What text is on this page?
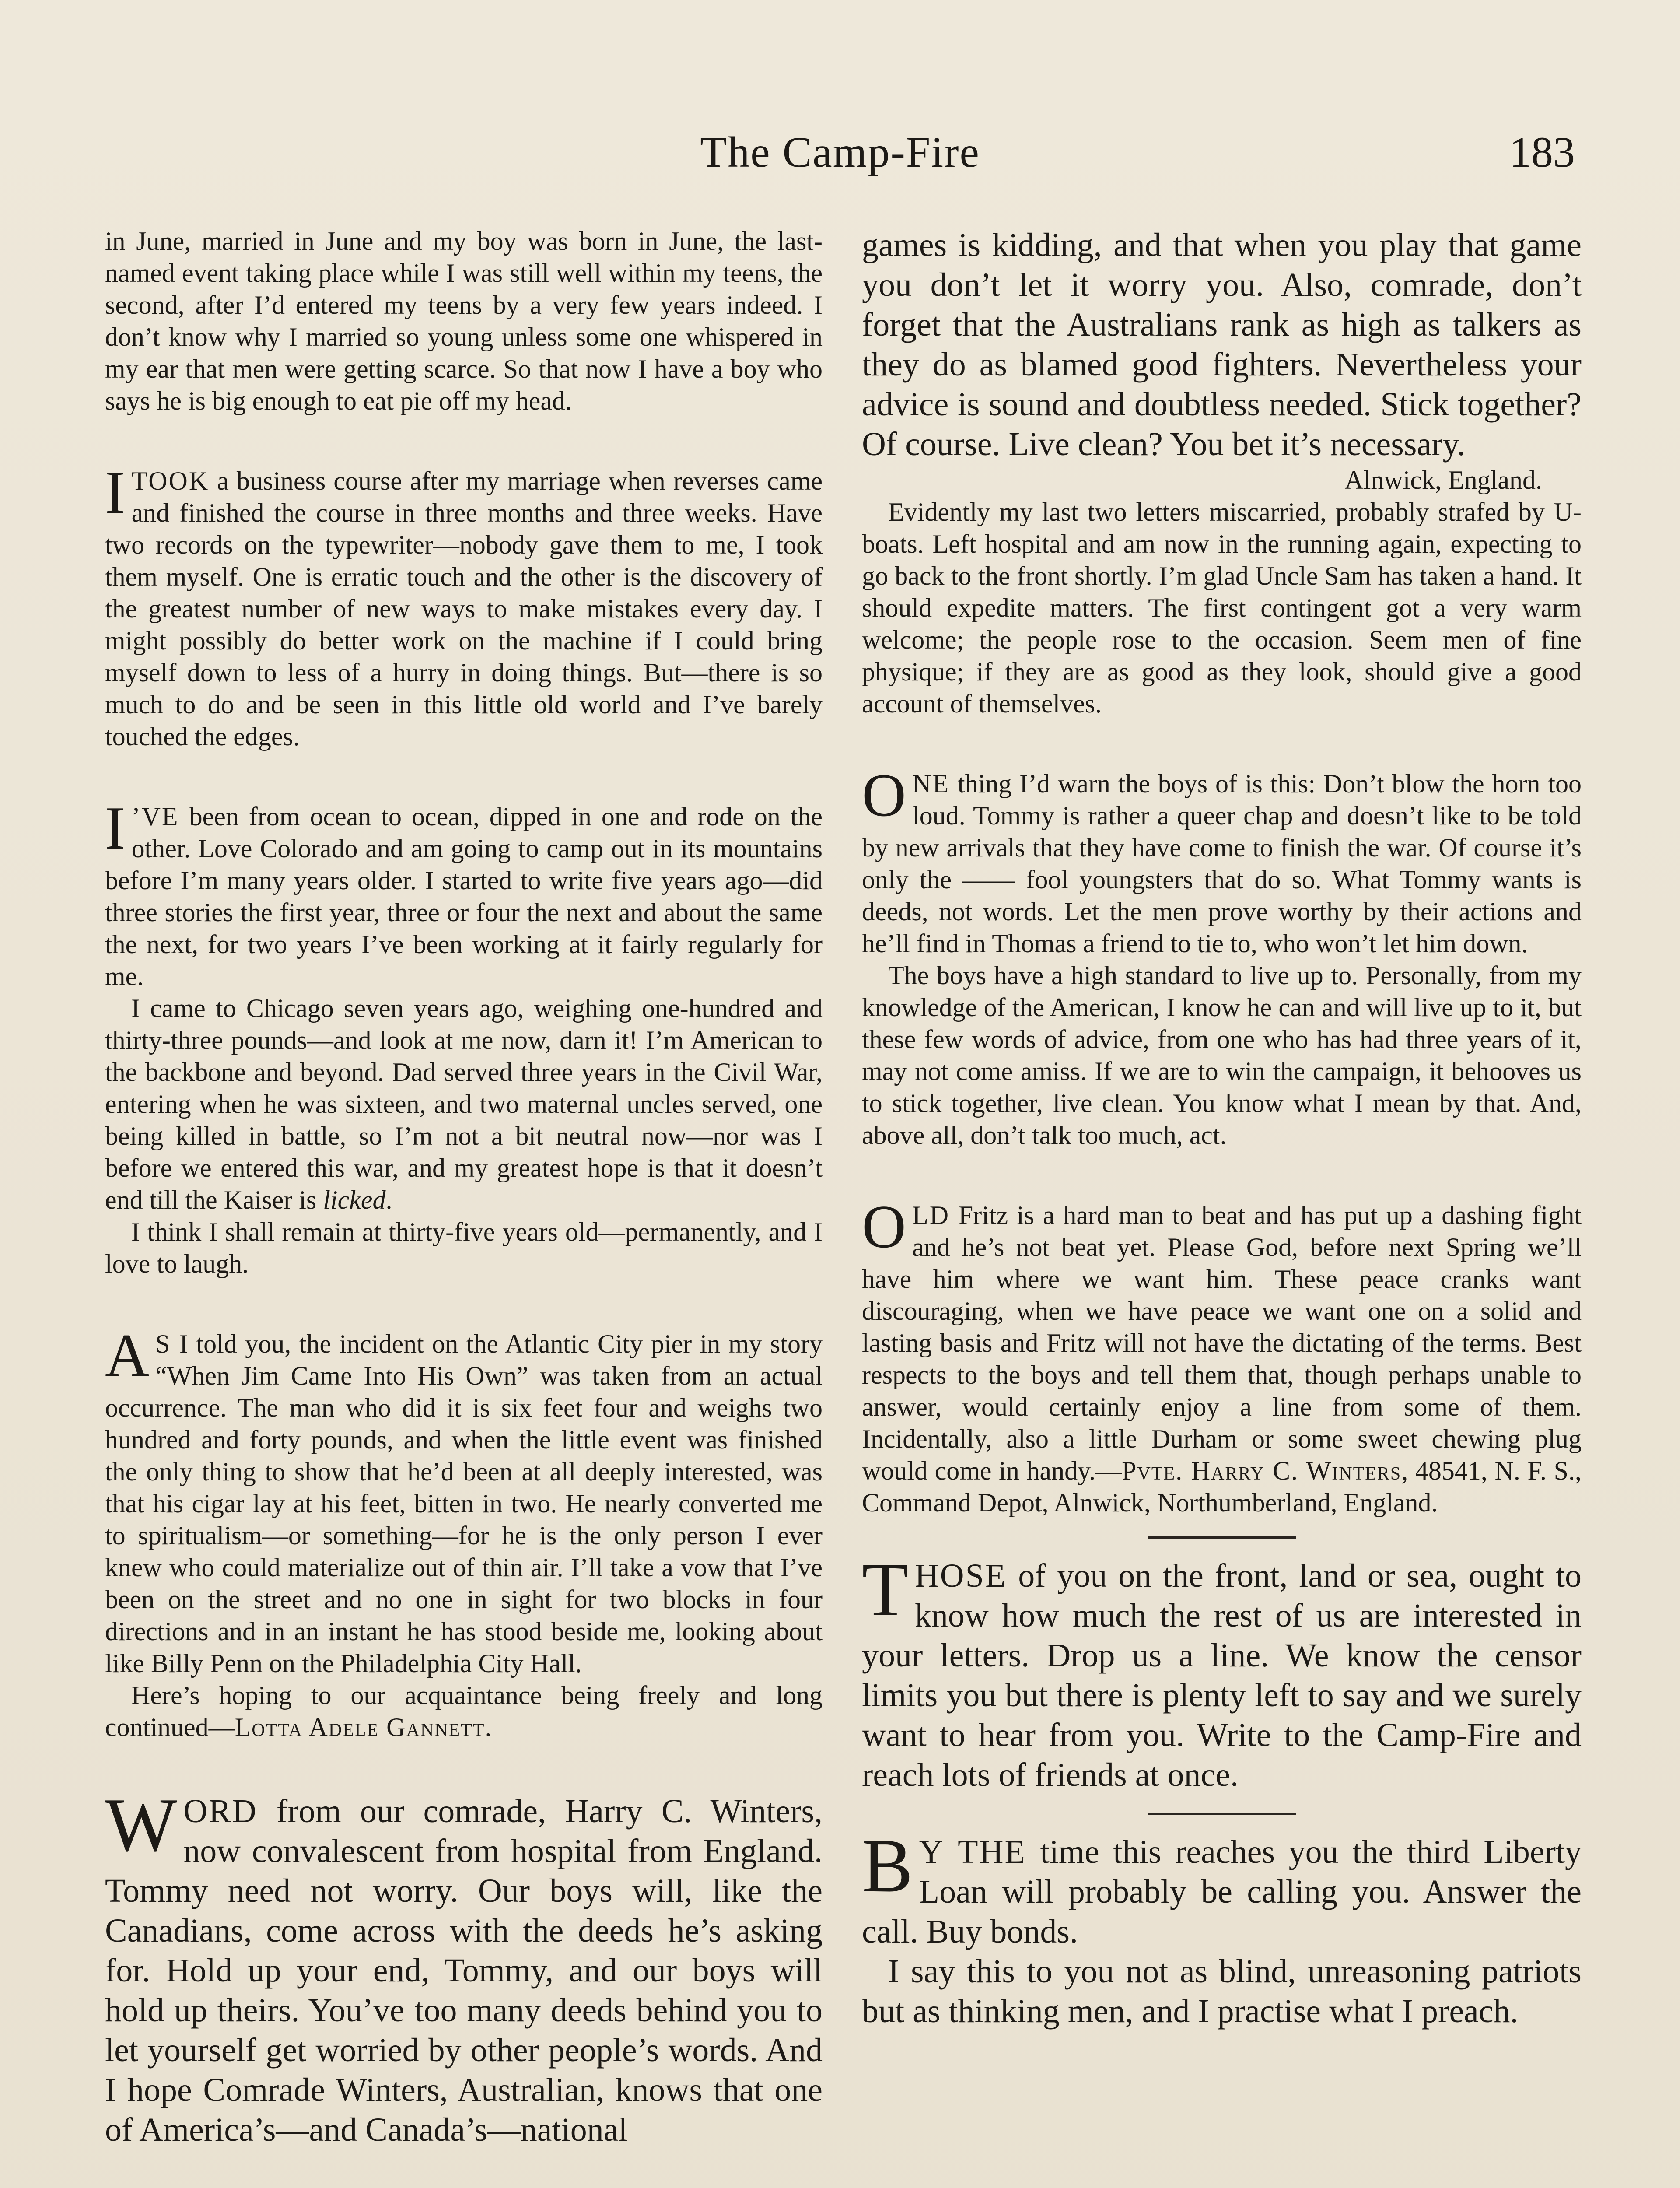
The Camp-Fire	183

in June, married in June and my boy was born in June, the last-named event taking place while I was still well within my teens, the second, after I’d entered my teens by a very few years indeed. I don’t know why I married so young unless some one whispered in my ear that men were getting scarce. So that now I have a boy who says he is big enough to eat pie off my head.

ITOOK a business course after my marriage when reverses came and finished the course in three months and three weeks. Have two records on the typewriter—nobody gave them to me, I took them myself. One is erratic touch and the other is the discovery of the greatest number of new ways to make mistakes every day. I might possibly do better work on the machine if I could bring myself down to less of a hurry in doing things. But—there is so much to do and be seen in this little old world and I’ve barely touched the edges.

I ’VE been from ocean to ocean, dipped in one and rode on the other. Love Colorado and am going to camp out in its mountains before I’m many years older. I started to write five years ago—did three stories the first year, three or four the next and about the same the next, for two years I’ve been working at it fairly regularly for me.

I came to Chicago seven years ago, weighing one-hundred and thirty-three pounds—and look at me now, darn it! I’m American to the backbone and beyond. Dad served three years in the Civil War, entering when he was sixteen, and two maternal uncles served, one being killed in battle, so I’m not a bit neutral now—nor was I before we entered this war, and my greatest hope is that it doesn’t end till the Kaiser is licked.

I think I shall remain at thirty-five years old—permanently, and I love to laugh.

AS I told you, the incident on the Atlantic City pier in my story “When Jim Came Into His Own” was taken from an actual occurrence. The man who did it is six feet four and weighs two hundred and forty pounds, and when the little event was finished the only thing to show that he’d been at all deeply interested, was that his cigar lay at his feet, bitten in two. He nearly converted me to spiritualism—or something—for he is the only person I ever knew who could materialize out of thin air. I’ll take a vow that I’ve been on the street and no one in sight for two blocks in four directions and in an instant he has stood beside me, looking about like Billy Penn on the Philadelphia City Hall.

Here’s hoping to our acquaintance being freely and long continued—Lotta Adele Gannett.

WORD from our comrade, Harry C. Winters, now convalescent from hospital from England. Tommy need not worry. Our boys will, like the Canadians, come across with the deeds he’s asking for. Hold up your end, Tommy, and our boys will hold up theirs. You’ve too many deeds behind you to let yourself get worried by other people’s words. And I hope Comrade Winters, Australian, knows that one of America’s—and Canada’s—national

games is kidding, and that when you play that game you don’t let it worry you. Also, comrade, don’t forget that the Australians rank as high as talkers as they do as blamed good fighters. Nevertheless your advice is sound and doubtless needed. Stick together? Of course. Live clean? You bet it’s necessary.

Alnwick, England.

Evidently my last two letters miscarried, probably strafed by U-boats. Left hospital and am now in the running again, expecting to go back to the front shortly. I’m glad Uncle Sam has taken a hand. It should expedite matters. The first contingent got a very warm welcome; the people rose to the occasion. Seem men of fine physique; if they are as good as they look, should give a good account of themselves.

ONE thing I’d warn the boys of is this: Don’t blow the horn too loud. Tommy is rather a queer chap and doesn’t like to be told by new arrivals that they have come to finish the war. Of course it’s only the —— fool youngsters that do so. What Tommy wants is deeds, not words. Let the men prove worthy by their actions and he’ll find in Thomas a friend to tie to, who won’t let him down.

The boys have a high standard to live up to. Personally, from my knowledge of the American, I know he can and will live up to it, but these few words of advice, from one who has had three years of it, may not come amiss. If we are to win the campaign, it behooves us to stick together, live clean. You know what I mean by that. And, above all, don’t talk too much, act.

OLD Fritz is a hard man to beat and has put up a dashing fight and he’s not beat yet. Please God, before next Spring we’ll have him where we want him. These peace cranks want discouraging, when we have peace we want one on a solid and lasting basis and Fritz will not have the dictating of the terms. Best respects to the boys and tell them that, though perhaps unable to answer, would certainly enjoy a line from some of them. Incidentally, also a little Durham or some sweet chewing plug would come in handy.—Pvte. Harry C. Winters, 48541, N. F. S., Command Depot, Alnwick, Northumberland, England.

THOSE of you on the front, land or sea, ought to know how much the rest of us are interested in your letters. Drop us a line. We know the censor limits you but there is plenty left to say and we surely want to hear from you. Write to the Camp-Fire and reach lots of friends at once.

BY THE time this reaches you the third Liberty Loan will probably be calling you. Answer the call. Buy bonds.

I say this to you not as blind, unreasoning patriots but as thinking men, and I practise what I preach.
